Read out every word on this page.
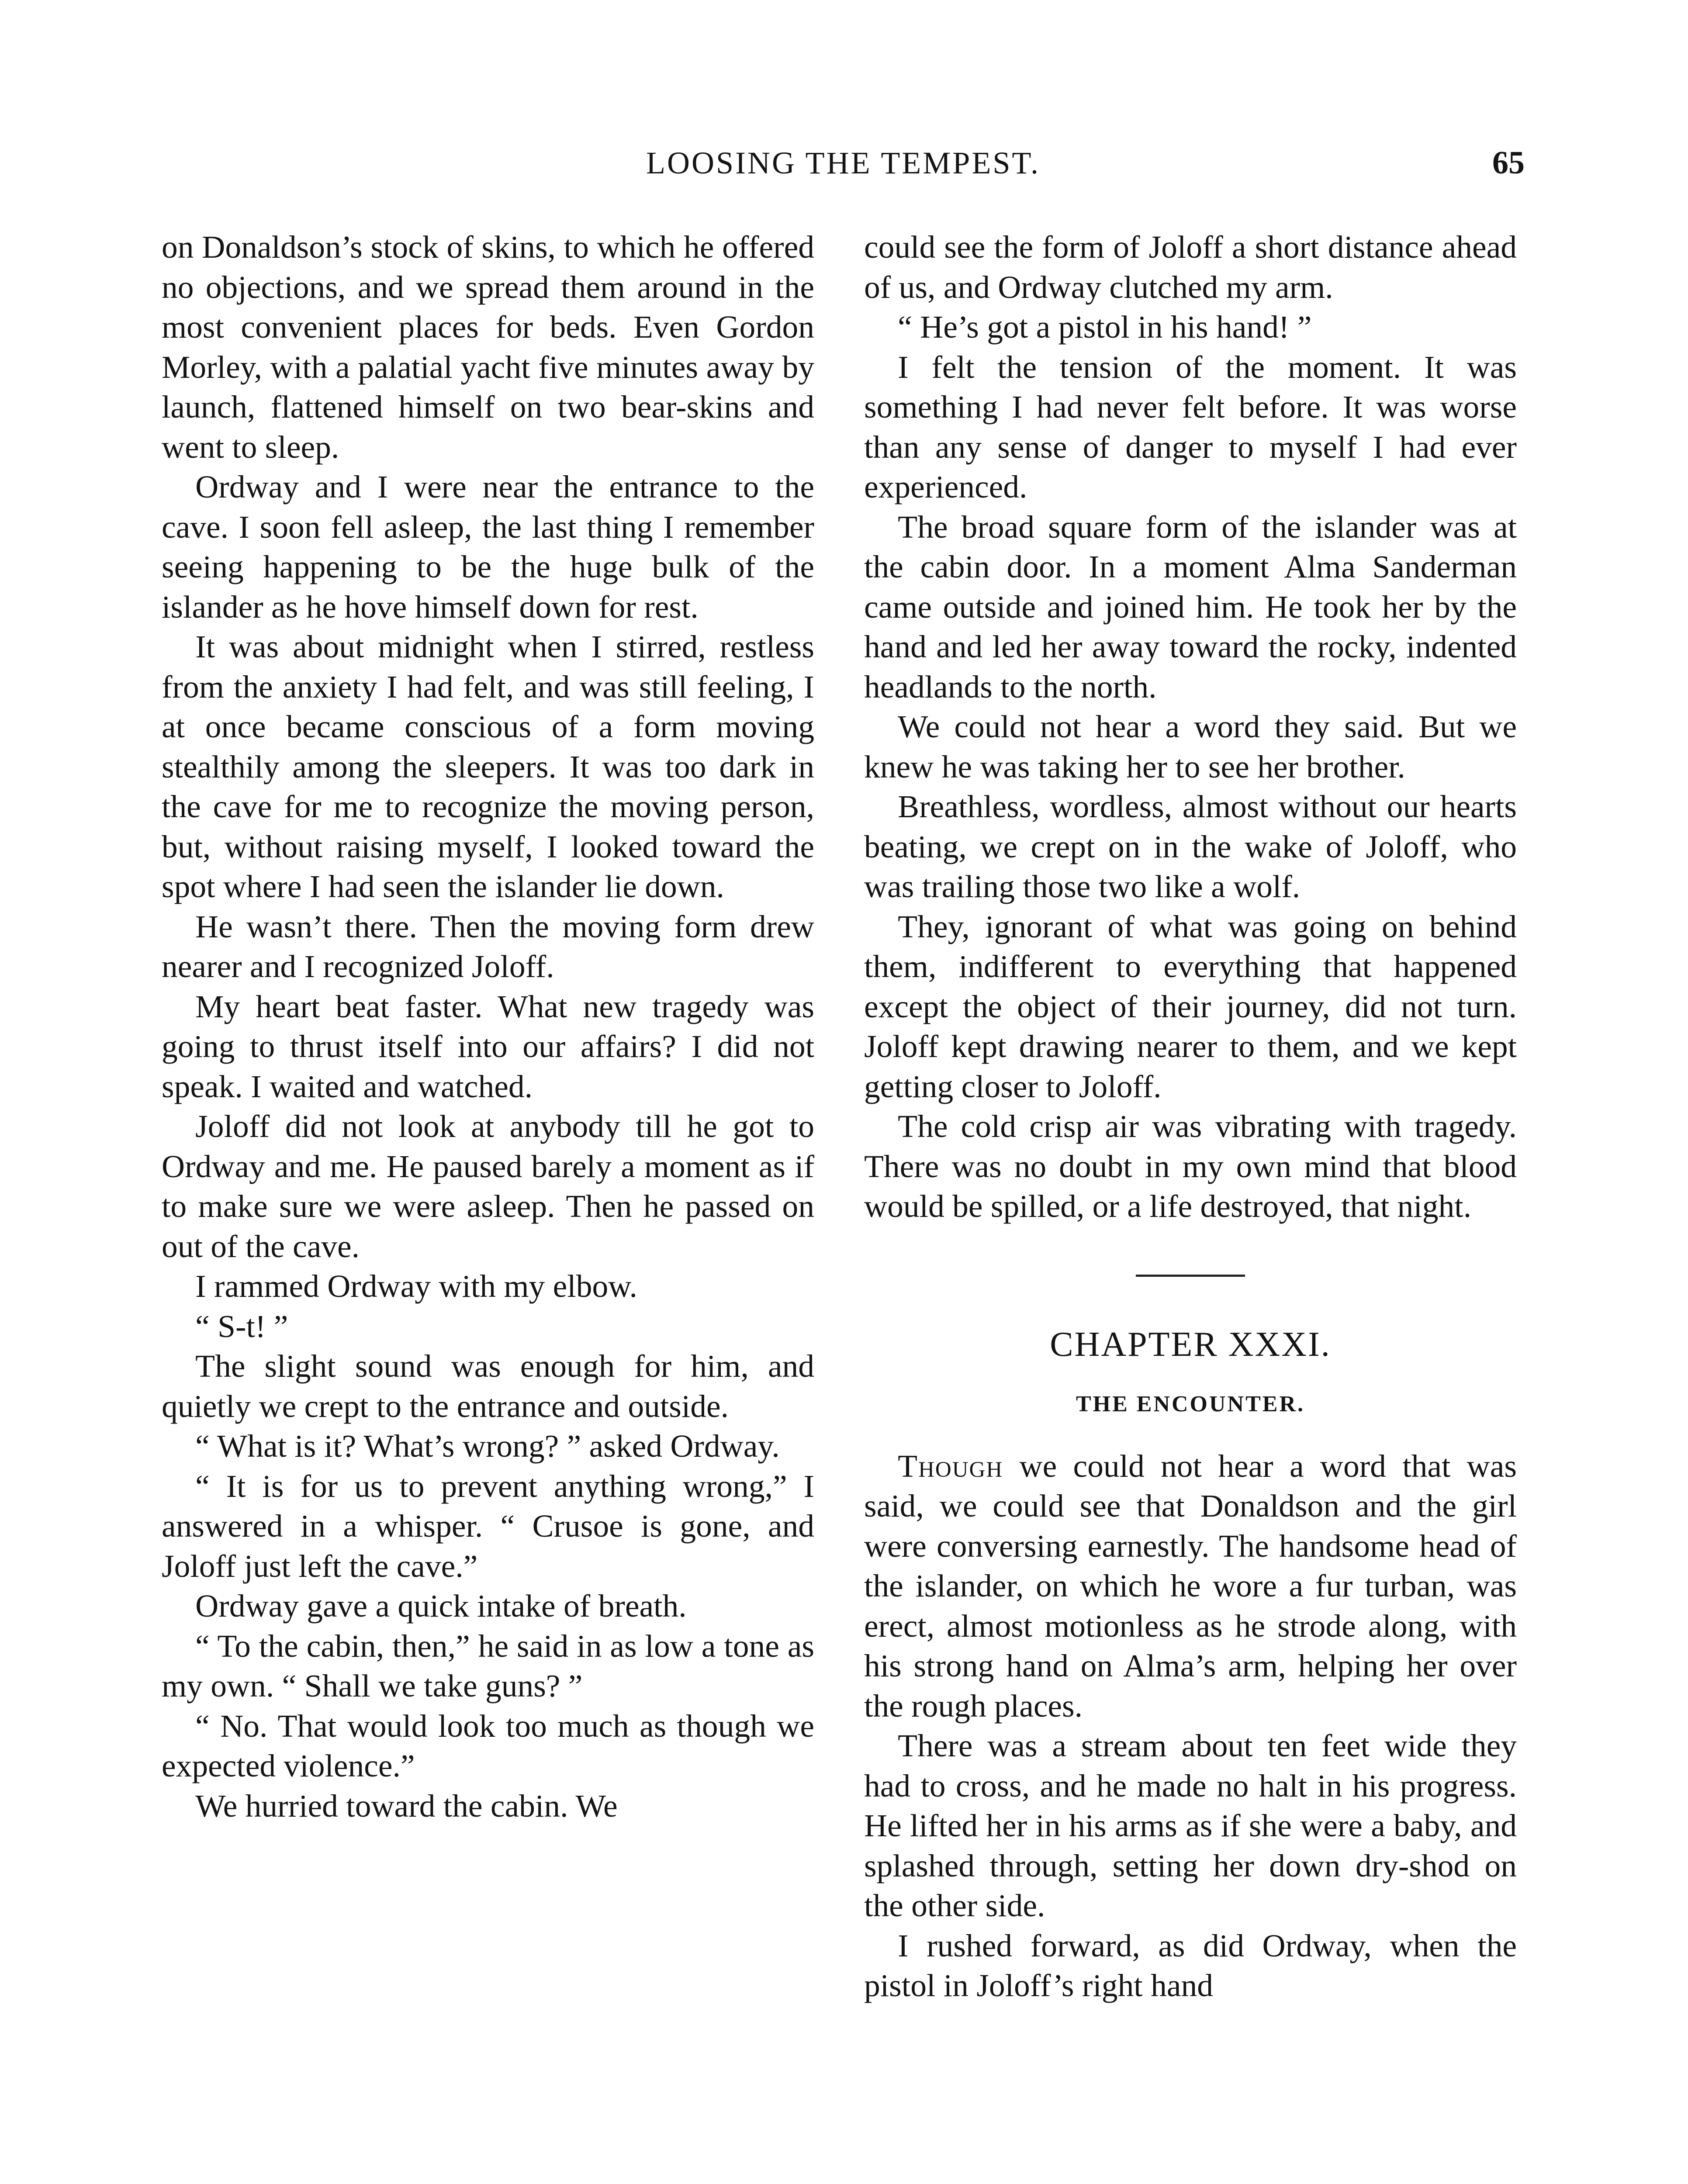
LOOSING THE TEMPEST.	65

on Donaldson’s stock of skins, to which he offered no objections, and we spread them around in the most convenient places for beds. Even Gordon Morley, with a palatial yacht five minutes away by launch, flattened himself on two bear-skins and went to sleep.

Ordway and I were near the entrance to the cave. I soon fell asleep, the last thing I remember seeing happening to be the huge bulk of the islander as he hove himself down for rest.

It was about midnight when I stirred, restless from the anxiety I had felt, and was still feeling, I at once became conscious of a form moving stealthily among the sleepers. It was too dark in the cave for me to recognize the moving person, but, without raising myself, I looked toward the spot where I had seen the islander lie down.

He wasn’t there. Then the moving form drew nearer and I recognized Joloff.

My heart beat faster. What new tragedy was going to thrust itself into our affairs? I did not speak. I waited and watched.

Joloff did not look at anybody till he got to Ordway and me. He paused barely a moment as if to make sure we were asleep. Then he passed on out of the cave.

I rammed Ordway with my elbow.

“ S-t! ”

The slight sound was enough for him, and quietly we crept to the entrance and outside.

“ What is it? What’s wrong? ” asked Ordway.

“ It is for us to prevent anything wrong,” I answered in a whisper. “ Crusoe is gone, and Joloff just left the cave.”

Ordway gave a quick intake of breath.

“ To the cabin, then,” he said in as low a tone as my own. “ Shall we take guns? ”

“ No. That would look too much as though we expected violence.”

We hurried toward the cabin. We

could see the form of Joloff a short distance ahead of us, and Ordway clutched my arm.

“ He’s got a pistol in his hand! ”

I felt the tension of the moment. It was something I had never felt before. It was worse than any sense of danger to myself I had ever experienced.

The broad square form of the islander was at the cabin door. In a moment Alma Sanderman came outside and joined him. He took her by the hand and led her away toward the rocky, indented headlands to the north.

We could not hear a word they said. But we knew he was taking her to see her brother.

Breathless, wordless, almost without our hearts beating, we crept on in the wake of Joloff, who was trailing those two like a wolf.

They, ignorant of what was going on behind them, indifferent to everything that happened except the object of their journey, did not turn. Joloff kept drawing nearer to them, and we kept getting closer to Joloff.

The cold crisp air was vibrating with tragedy. There was no doubt in my own mind that blood would be spilled, or a life destroyed, that night.

CHAPTER XXXI.
THE ENCOUNTER.

Though we could not hear a word that was said, we could see that Donaldson and the girl were conversing earnestly. The handsome head of the islander, on which he wore a fur turban, was erect, almost motionless as he strode along, with his strong hand on Alma’s arm, helping her over the rough places.

There was a stream about ten feet wide they had to cross, and he made no halt in his progress. He lifted her in his arms as if she were a baby, and splashed through, setting her down dry-shod on the other side.

I rushed forward, as did Ordway, when the pistol in Joloff’s right hand
